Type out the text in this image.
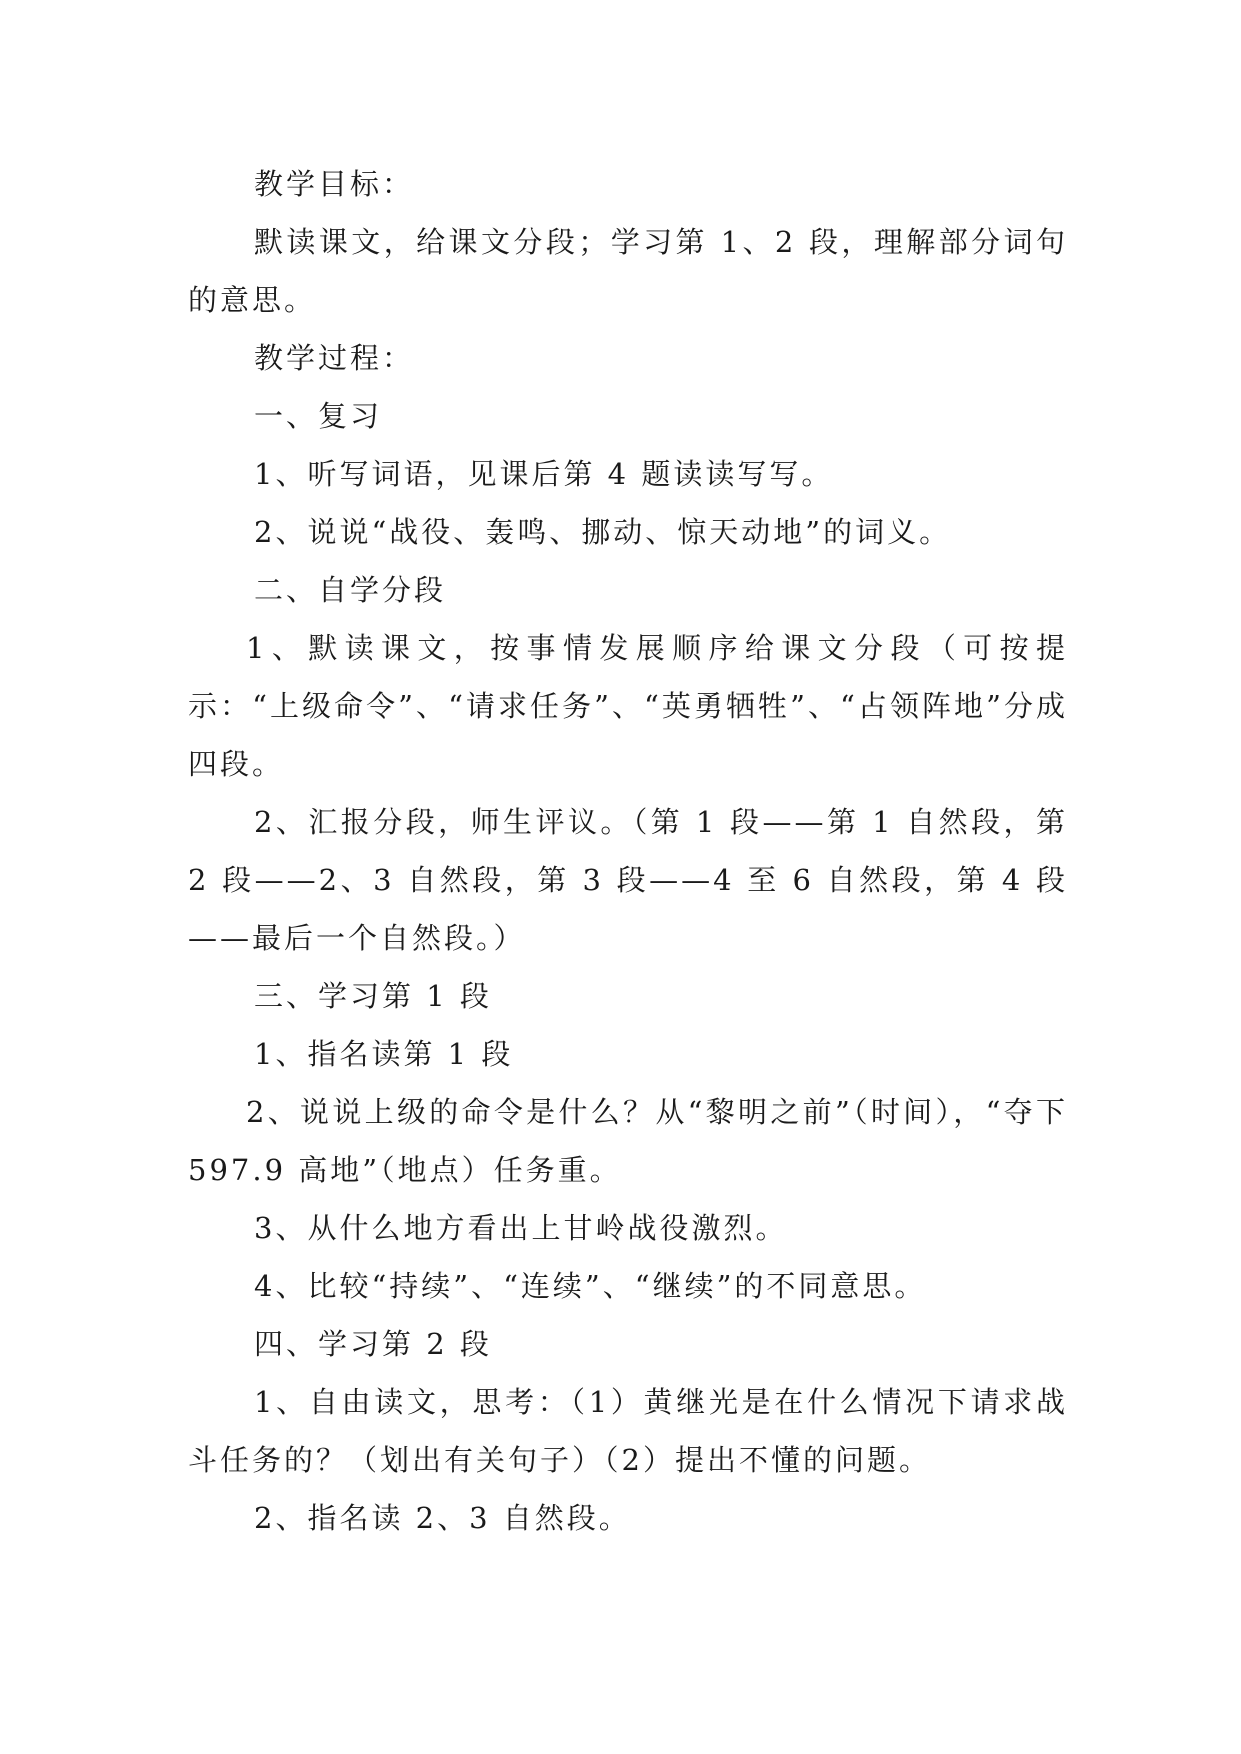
教学目标：

默读课文，给课文分段；学习第 1、2 段，理解部分词句的意思。

教学过程：

一、复习

1、听写词语，见课后第 4 题读读写写。

2、说说“战役、轰鸣、挪动、惊天动地”的词义。

二、自学分段

1、默读课文，按事情发展顺序给课文分段（可按提示：“上级命令”、“请求任务”、“英勇牺牲”、“占领阵地”分成四段。

2、汇报分段，师生评议。（第 1 段——第 1 自然段，第 2 段——2、3 自然段，第 3 段——4 至 6 自然段，第 4 段——最后一个自然段。）

三、学习第 1 段

1、指名读第 1 段

2、说说上级的命令是什么？从“黎明之前”（时间），“夺下 597.9 高地”（地点）任务重。

3、从什么地方看出上甘岭战役激烈。

4、比较“持续”、“连续”、“继续”的不同意思。

四、学习第 2 段

1、自由读文，思考：（1）黄继光是在什么情况下请求战斗任务的？（划出有关句子）（2）提出不懂的问题。

2、指名读 2、3 自然段。
